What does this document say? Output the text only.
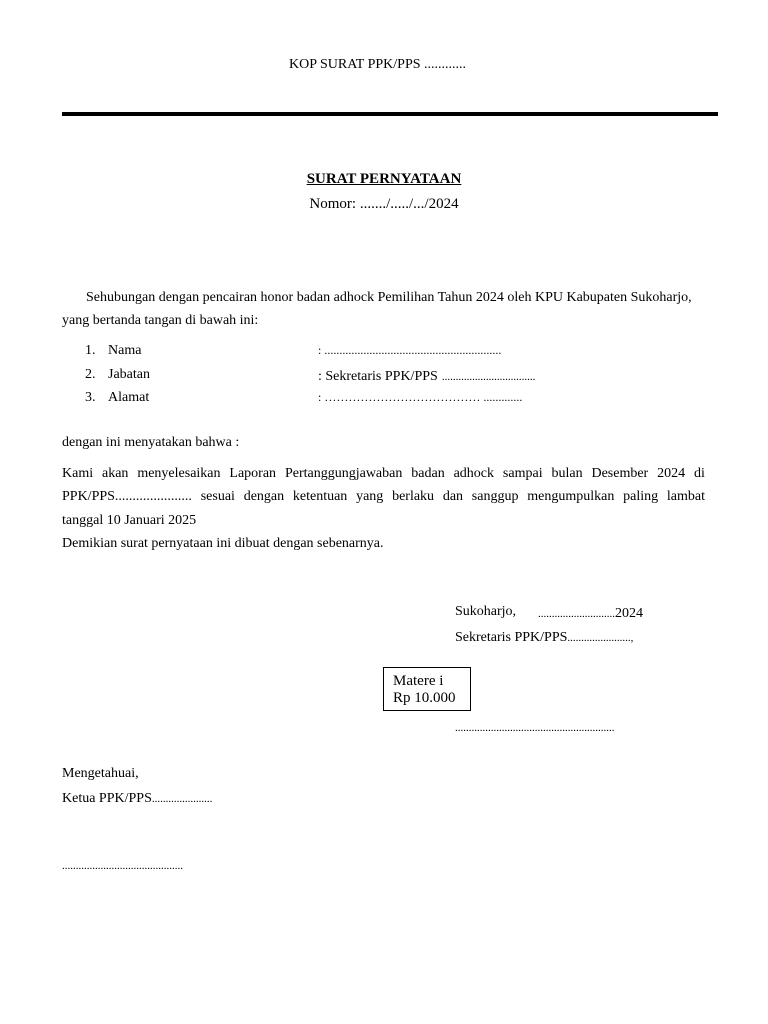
KOP SURAT PPK/PPS ............
SURAT PERNYATAAN
Nomor: ......./...../.../2024
Sehubungan dengan pencairan honor badan adhock Pemilihan Tahun 2024 oleh KPU Kabupaten Sukoharjo,
yang bertanda tangan di bawah ini:
1. Nama	: ...........................................................
2. Jabatan	: Sekretaris PPK/PPS ..................................
3. Alamat	: ………………………………… .............
dengan ini menyatakan bahwa :
Kami akan menyelesaikan Laporan Pertanggungjawaban badan adhock sampai bulan Desember 2024 di
PPK/PPS...................... sesuai dengan ketentuan yang berlaku dan sanggup mengumpulkan paling lambat
tanggal 10 Januari 2025
Demikian surat pernyataan ini dibuat dengan sebenarnya.
Sukoharjo, ............................2024
Sekretaris PPK/PPS.......................,
Matere i
Rp 10.000
..........................................................
Mengetahuai,
Ketua PPK/PPS......................
............................................
